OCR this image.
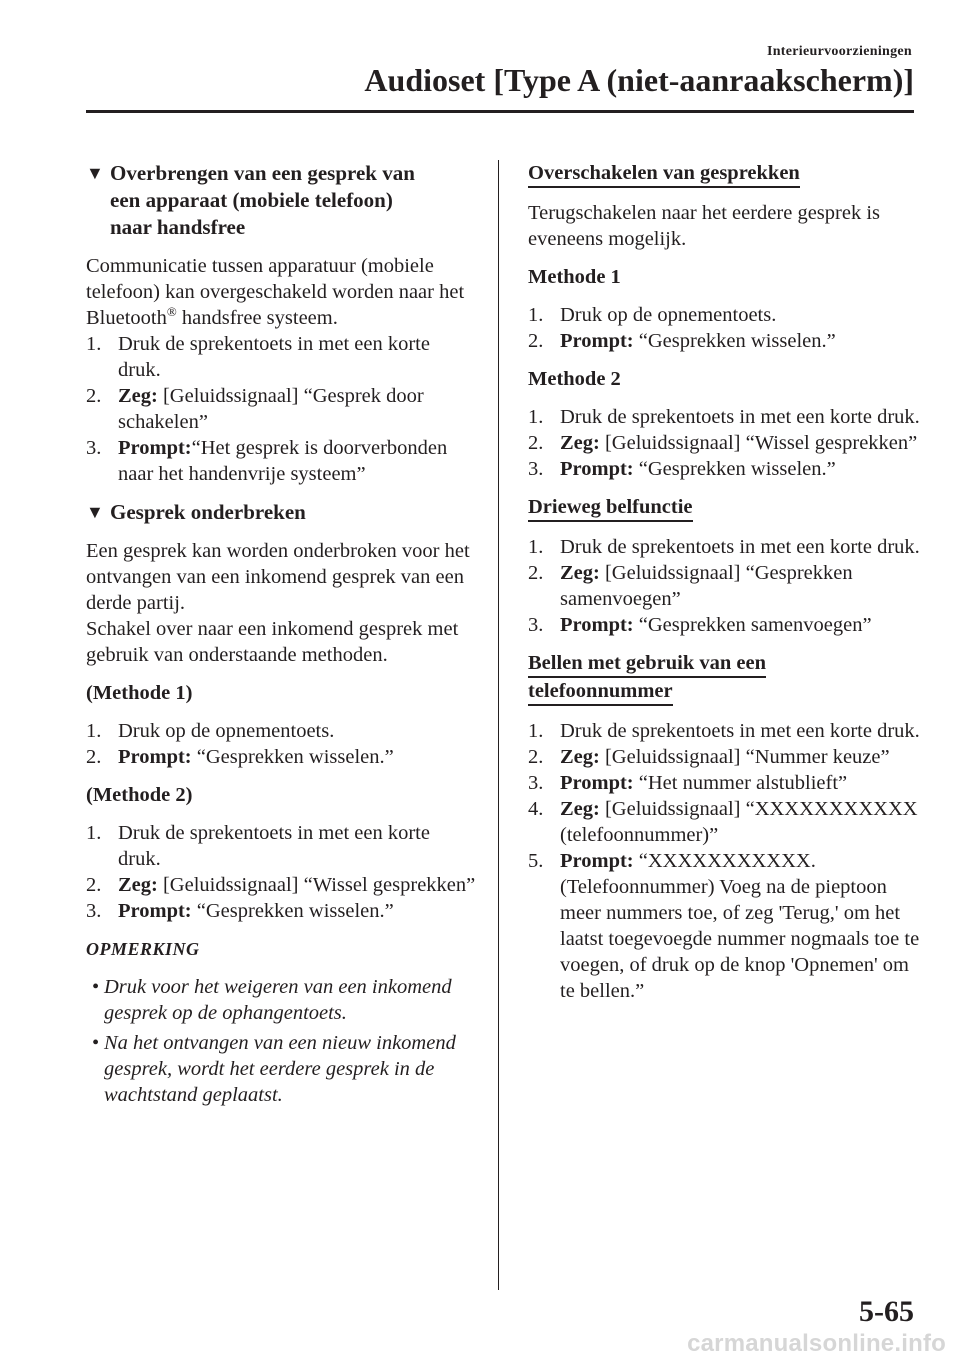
Interieurvoorzieningen
Audioset [Type A (niet-aanraakscherm)]
▼ Overbrengen van een gesprek van
een apparaat (mobiele telefoon)
naar handsfree

Communicatie tussen apparatuur (mobiele telefoon) kan overgeschakeld worden naar het Bluetooth® handsfree systeem.

1. Druk de sprekentoets in met een korte druk.
2. Zeg: [Geluidssignaal] “Gesprek door schakelen”
3. Prompt:“Het gesprek is doorverbonden naar het handenvrije systeem”
▼ Gesprek onderbreken

Een gesprek kan worden onderbroken voor het ontvangen van een inkomend gesprek van een derde partij.

Schakel over naar een inkomend gesprek met gebruik van onderstaande methoden.

(Methode 1)
1. Druk op de opnementoets.
2. Prompt: “Gesprekken wisselen.”
(Methode 2)
1. Druk de sprekentoets in met een korte druk.
2. Zeg: [Geluidssignaal] “Wissel gesprekken”
3. Prompt: “Gesprekken wisselen.”
OPMERKING
• Druk voor het weigeren van een inkomend gesprek op de ophangentoets.
• Na het ontvangen van een nieuw inkomend gesprek, wordt het eerdere gesprek in de wachtstand geplaatst.
Overschakelen van gesprekken

Terugschakelen naar het eerdere gesprek is eveneens mogelijk.

Methode 1
1. Druk op de opnementoets.
2. Prompt: “Gesprekken wisselen.”
Methode 2
1. Druk de sprekentoets in met een korte druk.
2. Zeg: [Geluidssignaal] “Wissel gesprekken”
3. Prompt: “Gesprekken wisselen.”
Drieweg belfunctie
1. Druk de sprekentoets in met een korte druk.
2. Zeg: [Geluidssignaal] “Gesprekken samenvoegen”
3. Prompt: “Gesprekken samenvoegen”
Bellen met gebruik van een
telefoonnummer
1. Druk de sprekentoets in met een korte druk.
2. Zeg: [Geluidssignaal] “Nummer keuze”
3. Prompt: “Het nummer alstublieft”
4. Zeg: [Geluidssignaal] “XXXXXXXXXXX (telefoonnummer)”
5. Prompt: “XXXXXXXXXXX. (Telefoonnummer) Voeg na de pieptoon meer nummers toe, of zeg 'Terug,' om het laatst toegevoegde nummer nogmaals toe te voegen, of druk op de knop 'Opnemen' om te bellen.”
5-65
carmanualsonline.info
